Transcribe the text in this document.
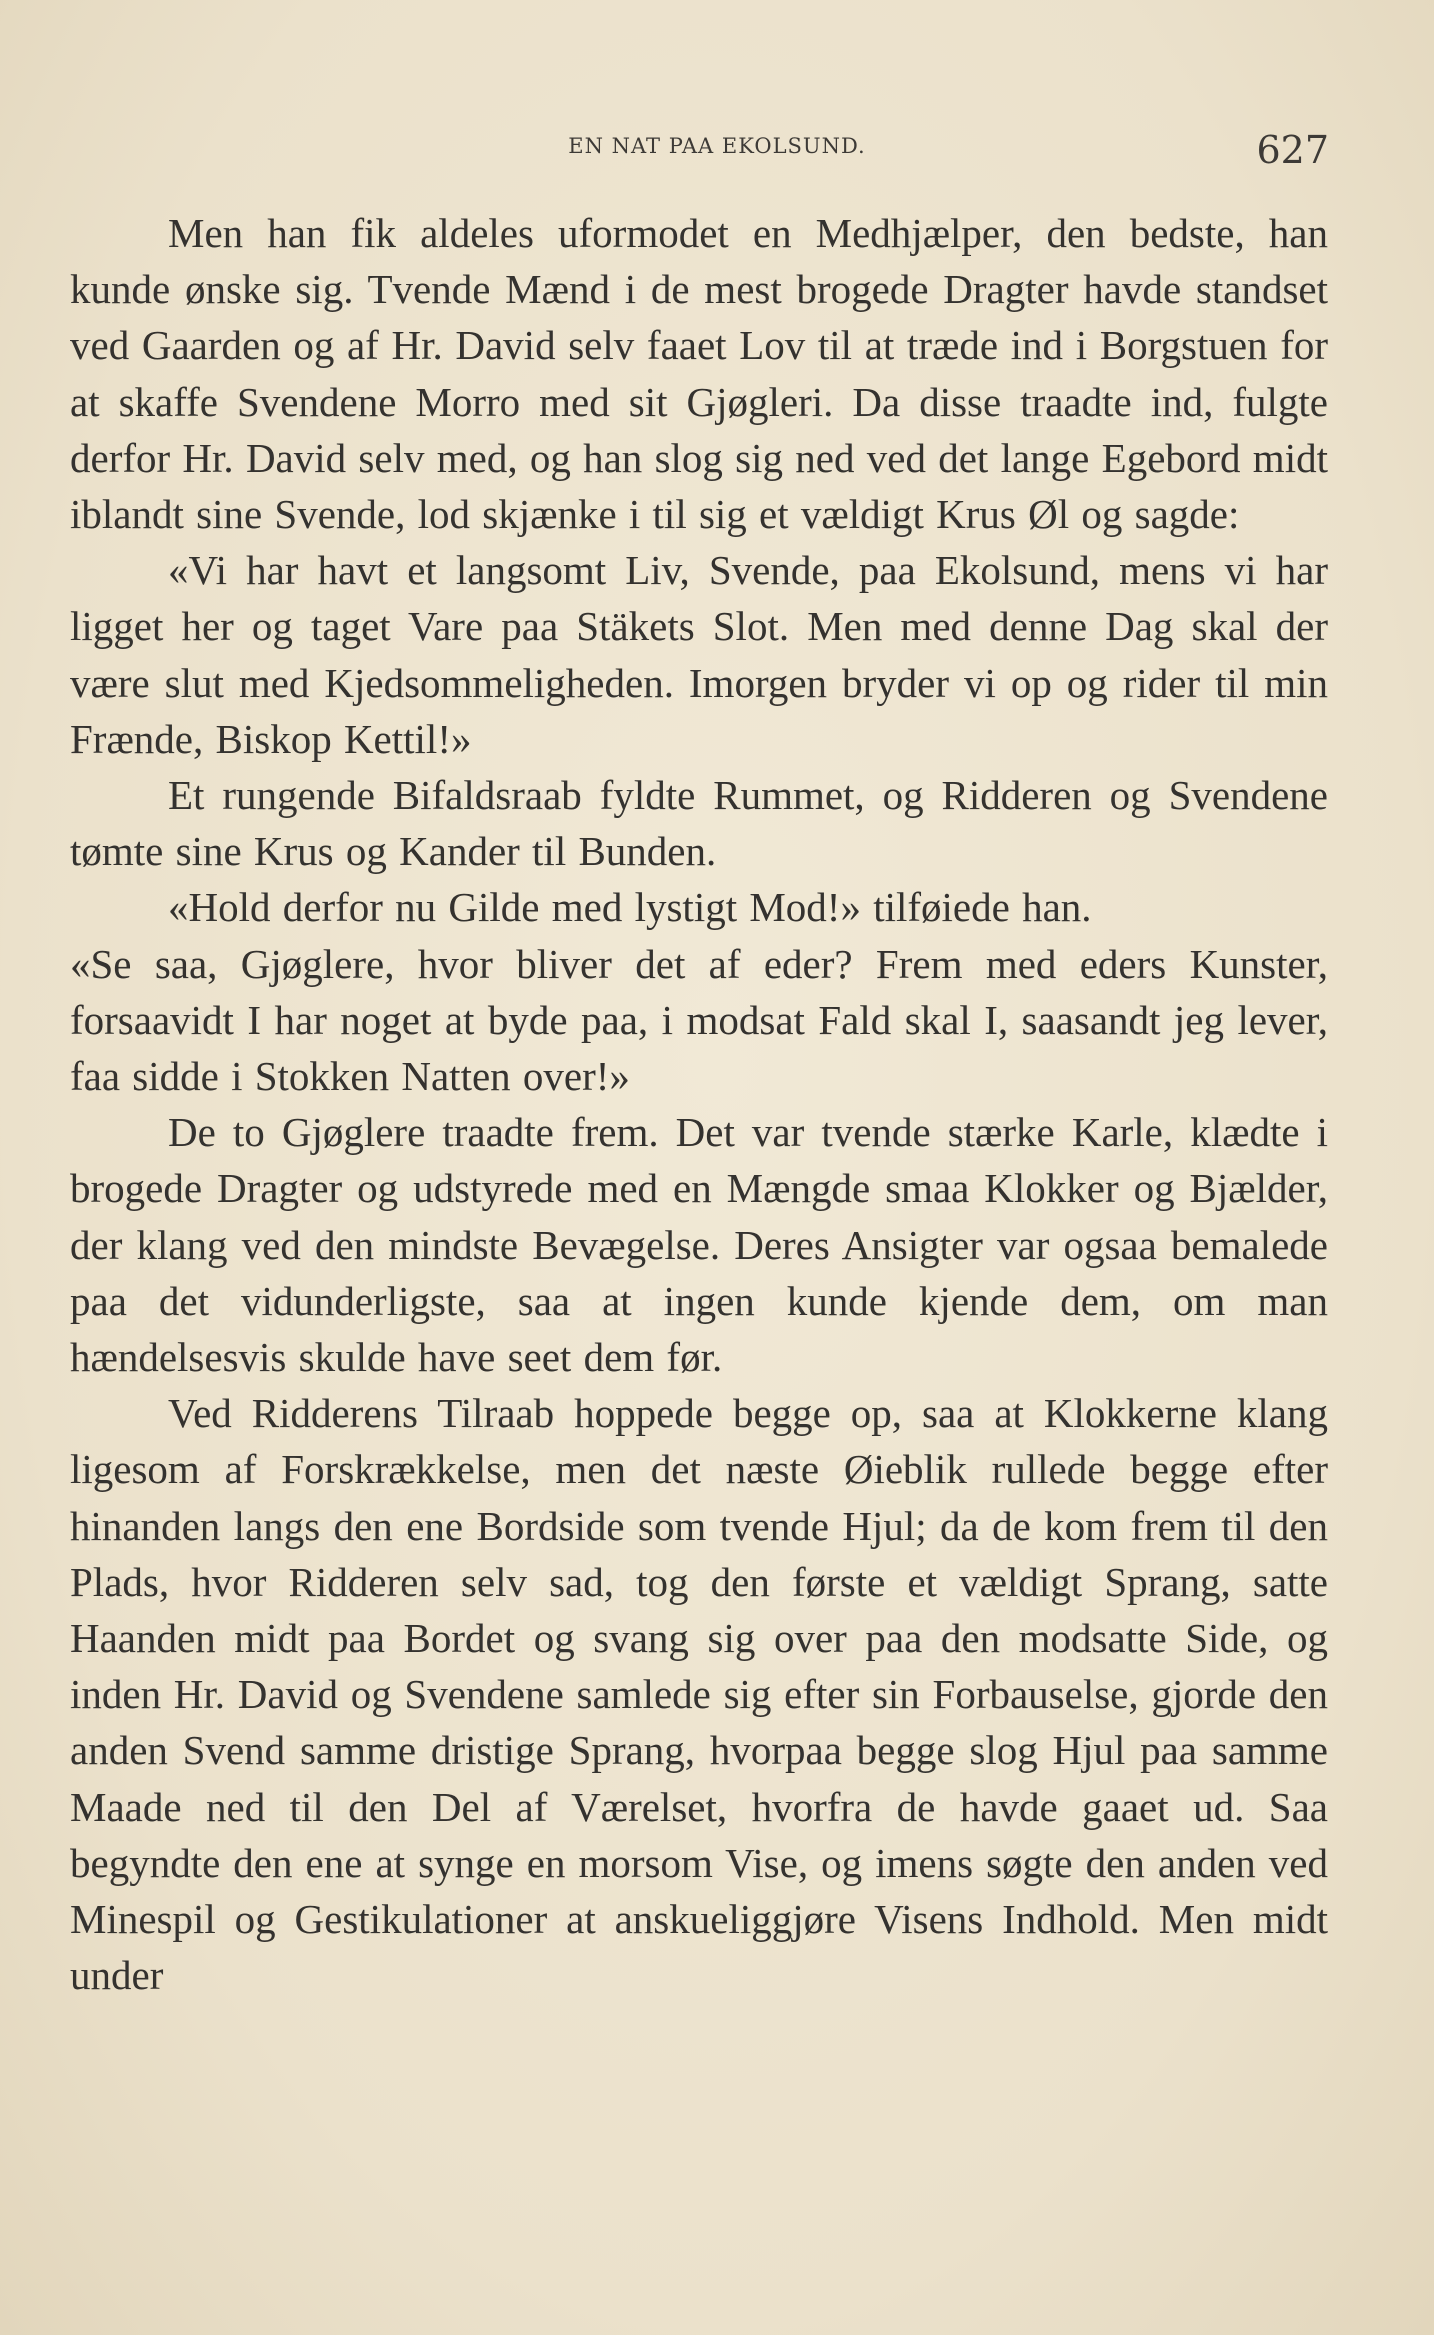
EN NAT PAA EKOLSUND.	627

Men han fik aldeles uformodet en Medhjælper, den bedste, han kunde ønske sig. Tvende Mænd i de mest brogede Dragter havde standset ved Gaarden og af Hr. David selv faaet Lov til at træde ind i Borgstuen for at skaffe Svendene Morro med sit Gjøgleri. Da disse traadte ind, fulgte derfor Hr. David selv med, og han slog sig ned ved det lange Egebord midt iblandt sine Svende, lod skjænke i til sig et vældigt Krus Øl og sagde:

«Vi har havt et langsomt Liv, Svende, paa Ekolsund, mens vi har ligget her og taget Vare paa Stäkets Slot. Men med denne Dag skal der være slut med Kjedsommeligheden. Imorgen bryder vi op og rider til min Frænde, Biskop Kettil!»

Et rungende Bifaldsraab fyldte Rummet, og Ridderen og Svendene tømte sine Krus og Kander til Bunden.

«Hold derfor nu Gilde med lystigt Mod!» tilføiede han.

«Se saa, Gjøglere, hvor bliver det af eder? Frem med eders Kunster, forsaavidt I har noget at byde paa, i modsat Fald skal I, saasandt jeg lever, faa sidde i Stokken Natten over!»

De to Gjøglere traadte frem. Det var tvende stærke Karle, klædte i brogede Dragter og udstyrede med en Mængde smaa Klokker og Bjælder, der klang ved den mindste Bevægelse. Deres Ansigter var ogsaa bemalede paa det vidunderligste, saa at ingen kunde kjende dem, om man hændelsesvis skulde have seet dem før.

Ved Ridderens Tilraab hoppede begge op, saa at Klokkerne klang ligesom af Forskrækkelse, men det næste Øieblik rullede begge efter hinanden langs den ene Bordside som tvende Hjul; da de kom frem til den Plads, hvor Ridderen selv sad, tog den første et vældigt Sprang, satte Haanden midt paa Bordet og svang sig over paa den modsatte Side, og inden Hr. David og Svendene samlede sig efter sin Forbauselse, gjorde den anden Svend samme dristige Sprang, hvorpaa begge slog Hjul paa samme Maade ned til den Del af Værelset, hvorfra de havde gaaet ud. Saa begyndte den ene at synge en morsom Vise, og imens søgte den anden ved Minespil og Gestikulationer at anskueliggjøre Visens Indhold. Men midt under
